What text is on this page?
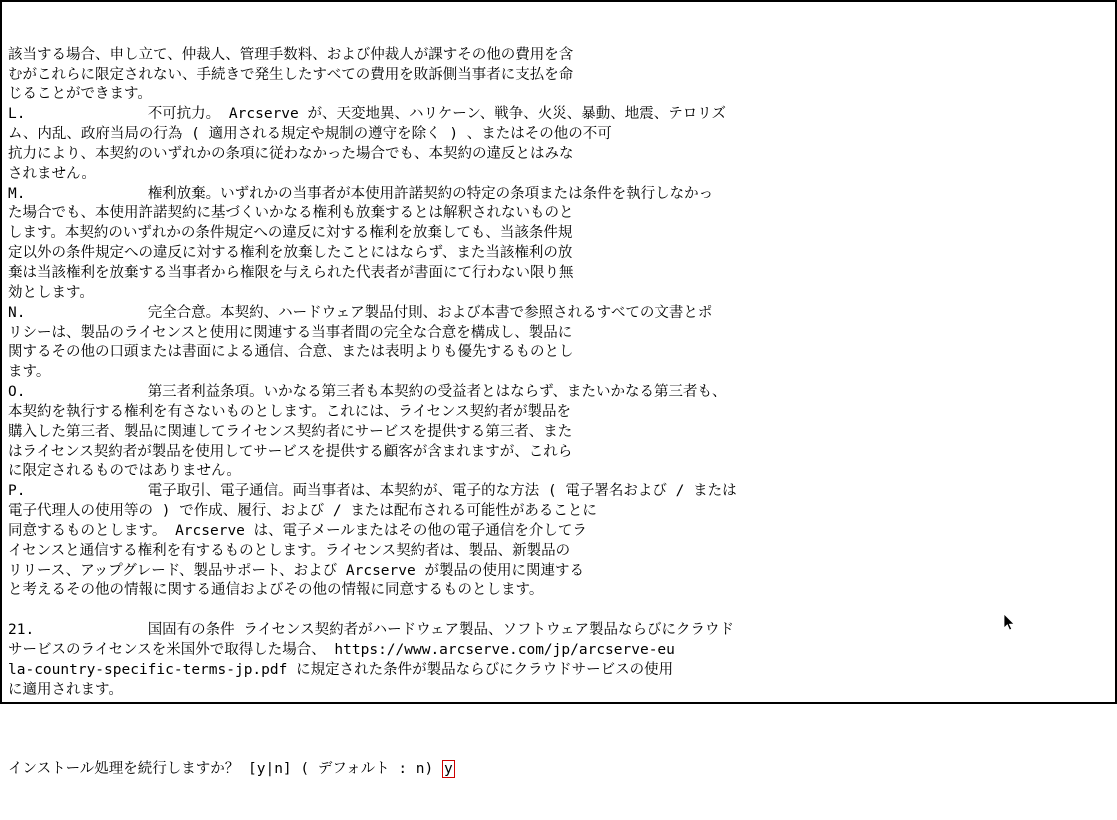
該当する場合、申し立て、仲裁人、管理手数料、および仲裁人が課すその他の費用を含
むがこれらに限定されない、手続きで発生したすべての費用を敗訴側当事者に支払を命
じることができます。
L.		不可抗力。 Arcserve が、天変地異、ハリケーン、戦争、火災、暴動、地震、テロリズ
ム、内乱、政府当局の行為 ( 適用される規定や規制の遵守を除く ) 、またはその他の不可
抗力により、本契約のいずれかの条項に従わなかった場合でも、本契約の違反とはみな
されません。
M.		権利放棄。いずれかの当事者が本使用許諾契約の特定の条項または条件を執行しなかっ
た場合でも、本使用許諾契約に基づくいかなる権利も放棄するとは解釈されないものと
します。本契約のいずれかの条件規定への違反に対する権利を放棄しても、当該条件規
定以外の条件規定への違反に対する権利を放棄したことにはならず、また当該権利の放
棄は当該権利を放棄する当事者から権限を与えられた代表者が書面にて行わない限り無
効とします。
N.		完全合意。本契約、ハードウェア製品付則、および本書で参照されるすべての文書とポ
リシーは、製品のライセンスと使用に関連する当事者間の完全な合意を構成し、製品に
関するその他の口頭または書面による通信、合意、または表明よりも優先するものとし
ます。
O.		第三者利益条項。いかなる第三者も本契約の受益者とはならず、またいかなる第三者も、
本契約を執行する権利を有さないものとします。これには、ライセンス契約者が製品を
購入した第三者、製品に関連してライセンス契約者にサービスを提供する第三者、また
はライセンス契約者が製品を使用してサービスを提供する顧客が含まれますが、これら
に限定されるものではありません。
P.		電子取引、電子通信。両当事者は、本契約が、電子的な方法 ( 電子署名および / または
電子代理人の使用等の ) で作成、履行、および / または配布される可能性があることに
同意するものとします。 Arcserve は、電子メールまたはその他の電子通信を介してラ
イセンスと通信する権利を有するものとします。ライセンス契約者は、製品、新製品の
リリース、アップグレード、製品サポート、および Arcserve が製品の使用に関連する
と考えるその他の情報に関する通信およびその他の情報に同意するものとします。
21.		国固有の条件 ライセンス契約者がハードウェア製品、ソフトウェア製品ならびにクラウド
サービスのライセンスを米国外で取得した場合、 https://www.arcserve.com/jp/arcserve-eu
la-country-specific-terms-jp.pdf に規定された条件が製品ならびにクラウドサービスの使用
に適用されます。

インストール処理を続行しますか？ [y|n] ( デフォルト : n) y
